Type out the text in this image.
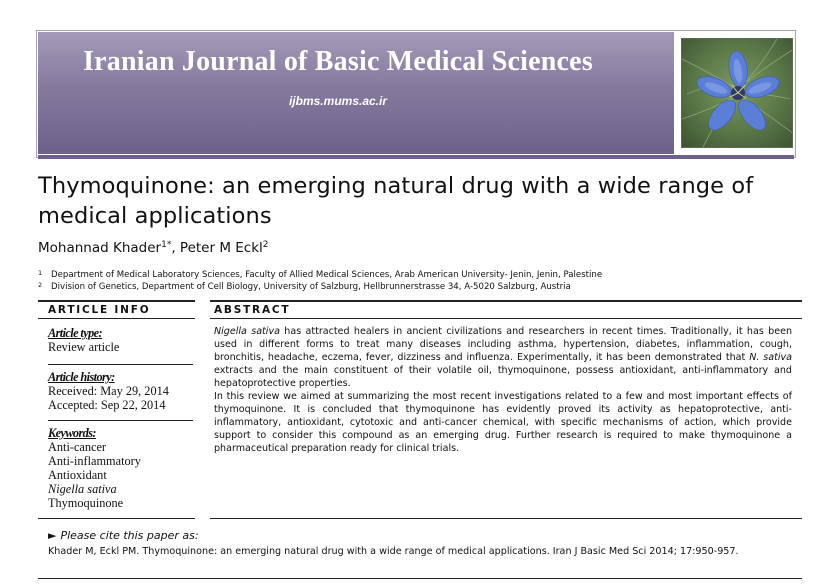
Iranian Journal of Basic Medical Sciences
ijbms.mums.ac.ir
Thymoquinone: an emerging natural drug with a wide range of medical applications
Mohannad Khader$^{1*}$, Peter M Eckl$^2$
1 Department of Medical Laboratory Sciences, Faculty of Allied Medical Sciences, Arab American University- Jenin, Jenin, Palestine
2 Division of Genetics, Department of Cell Biology, University of Salzburg, Hellbrunnerstrasse 34, A-5020 Salzburg, Austria
ARTICLE INFO	ABSTRACT
Article type:
Review article
Article history:
Received: May 29, 2014
Accepted: Sep 22, 2014
Keywords:
Anti-cancer
Anti-inflammatory
Antioxidant
Nigella sativa
Thymoquinone

Nigella sativa has attracted healers in ancient civilizations and researchers in recent times. Traditionally, it has been used in different forms to treat many diseases including asthma, hypertension, diabetes, inflammation, cough, bronchitis, headache, eczema, fever, dizziness and influenza. Experimentally, it has been demonstrated that N. sativa extracts and the main constituent of their volatile oil, thymoquinone, possess antioxidant, anti-inflammatory and hepatoprotective properties.

In this review we aimed at summarizing the most recent investigations related to a few and most important effects of thymoquinone. It is concluded that thymoquinone has evidently proved its activity as hepatoprotective, anti-inflammatory, antioxidant, cytotoxic and anti-cancer chemical, with specific mechanisms of action, which provide support to consider this compound as an emerging drug. Further research is required to make thymoquinone a pharmaceutical preparation ready for clinical trials.

► Please cite this paper as:
Khader M, Eckl PM. Thymoquinone: an emerging natural drug with a wide range of medical applications. Iran J Basic Med Sci 2014; 17:950-957.
